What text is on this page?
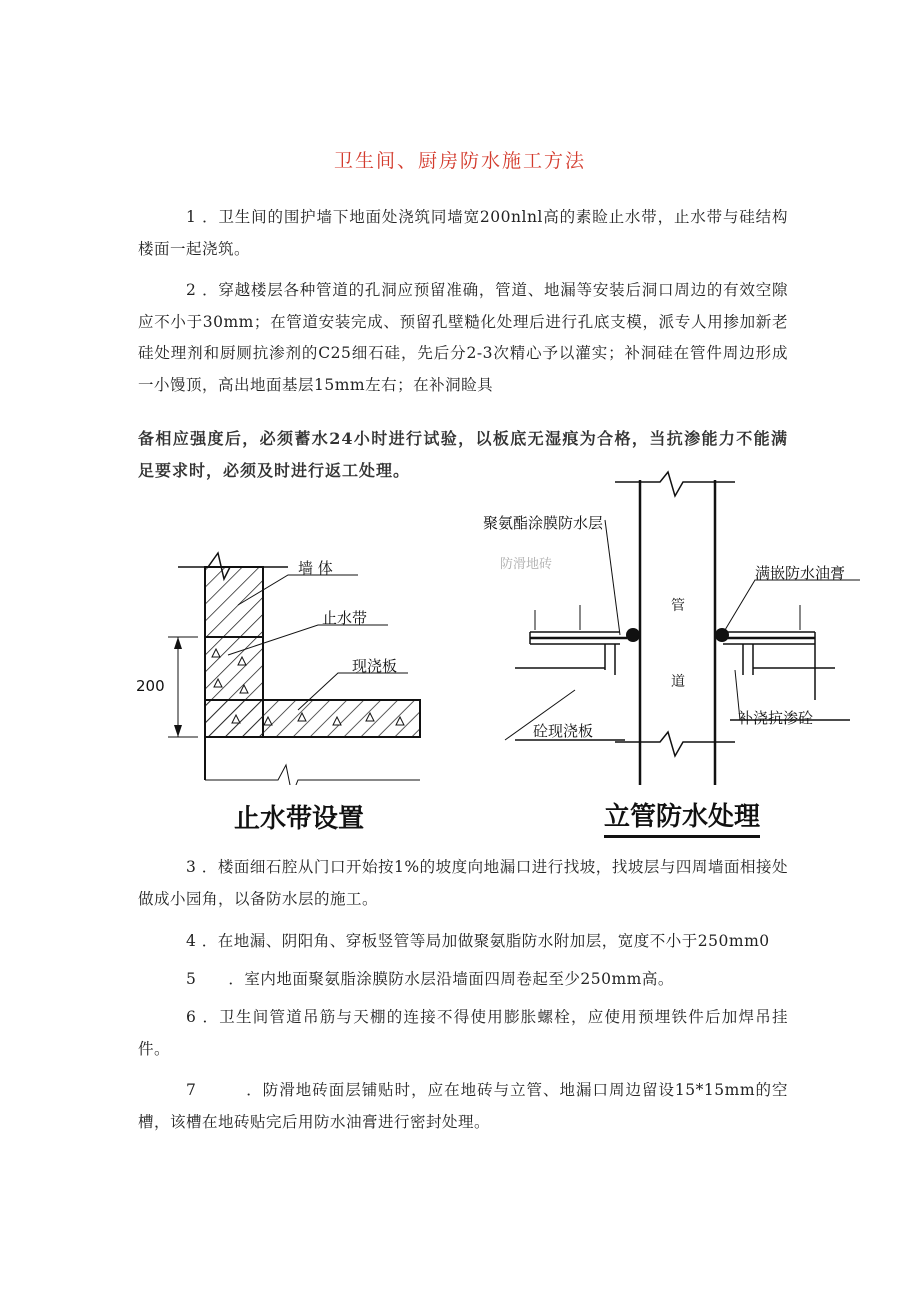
卫生间、厨房防水施工方法
1 ．卫生间的围护墙下地面处浇筑同墙宽200nlnl高的素睑止水带，止水带与硅结构楼面一起浇筑。
2 ．穿越楼层各种管道的孔洞应预留准确，管道、地漏等安装后洞口周边的有效空隙应不小于30mm；在管道安装完成、预留孔壁糙化处理后进行孔底支模，派专人用掺加新老硅处理剂和厨厕抗渗剂的C25细石硅，先后分2-3次精心予以灌实；补洞硅在管件周边形成一小馒顶，高出地面基层15mm左右；在补洞睑具
备相应强度后，必须蓄水24小时进行试验，以板底无湿痕为合格，当抗渗能力不能满足要求时，必须及时进行返工处理。
200
墙 体
止水带
现浇板
止水带设置
管
道
聚氨酯涂膜防水层
防滑地砖	满嵌防水油膏
砼现浇板
补浇抗渗砼
立管防水处理
3 ．楼面细石腔从门口开始按1%的坡度向地漏口进行找坡，找坡层与四周墙面相接处做成小园角，以备防水层的施工。
4 ．在地漏、阴阳角、穿板竖管等局加做聚氨脂防水附加层，宽度不小于250mm0
5　　．室内地面聚氨脂涂膜防水层沿墙面四周卷起至少250mm高。
6 ．卫生间管道吊筋与天棚的连接不得使用膨胀螺栓，应使用预埋铁件后加焊吊挂件。
7　　　．防滑地砖面层铺贴时，应在地砖与立管、地漏口周边留设15*15mm的空槽，该槽在地砖贴完后用防水油膏进行密封处理。
